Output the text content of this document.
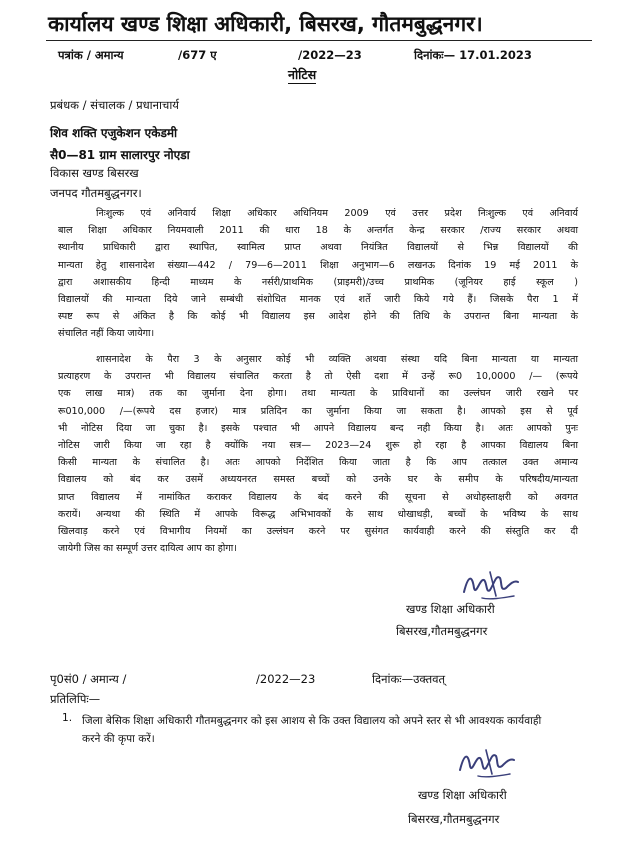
कार्यालय खण्ड शिक्षा अधिकारी, बिसरख, गौतमबुद्धनगर।
पत्रांक / अमान्य	/677 ए	/2022—23	दिनांकः— 17.01.2023
नोटिस
प्रबंधक / संचालक / प्रधानाचार्य
शिव शक्ति एजुकेशन एकेडमी
सै0—81 ग्राम सालारपुर नोएडा
विकास खण्ड बिसरख
जनपद गौतमबुद्धनगर।
निःशुल्क एवं अनिवार्य शिक्षा अधिकार अधिनियम 2009 एवं उत्तर प्रदेश निःशुल्क एवं अनिवार्य
बाल शिक्षा अधिकार नियमवाली 2011 की धारा 18 के अन्तर्गत केन्द्र सरकार /राज्य सरकार अथवा
स्थानीय प्राधिकारी द्वारा स्थापित, स्वामित्व प्राप्त अथवा नियंत्रित विद्यालयों से भिन्न विद्यालयों की
मान्यता हेतु शासनादेश संख्या—442 / 79—6—2011 शिक्षा अनुभाग—6 लखनऊ दिनांक 19 मई 2011 के
द्वारा अशासकीय हिन्दी माध्यम के नर्सरी/प्राथमिक (प्राइमरी)/उच्च प्राथमिक (जूनियर हाई स्कूल )
विद्यालयों की मान्यता दिये जाने सम्बंधी संशोधित मानक एवं शर्ते जारी किये गये हैं। जिसके पैरा 1 में
स्पष्ट रूप से अंकित है कि कोई भी विद्यालय इस आदेश होने की तिथि के उपरान्त बिना मान्यता के
संचालित नहीं किया जायेगा।
शासनादेश के पैरा 3 के अनुसार कोई भी व्यक्ति अथवा संस्था यदि बिना मान्यता या मान्यता
प्रत्याहरण के उपरान्त भी विद्यालय संचालित करता है तो ऐसी दशा में उन्हें रू0 10,0000 /— (रूपये
एक लाख मात्र) तक का जुर्माना देना होगा। तथा मान्यता के प्राविधानों का उल्लंघन जारी रखने पर
रू010,000 /—(रूपये दस हजार) मात्र प्रतिदिन का जुर्माना किया जा सकता है। आपको इस से पूर्व
भी नोटिस दिया जा चुका है। इसके पश्चात भी आपने विद्यालय बन्द नही किया है। अतः आपको पुनः
नोटिस जारी किया जा रहा है क्योंकि नया सत्र— 2023—24 शुरू हो रहा है आपका विद्यालय बिना
किसी मान्यता के संचालित है। अतः आपको निर्देशित किया जाता है कि आप तत्काल उक्त अमान्य
विद्यालय को बंद कर उसमें अध्ययनरत समस्त बच्चों को उनके घर के समीप के परिषदीय/मान्यता
प्राप्त विद्यालय में नामांकित कराकर विद्यालय के बंद करने की सूचना से अधोहस्ताक्षरी को अवगत
करायें। अन्यथा की स्थिति में आपके विरूद्ध अभिभावकों के साथ धोखाधड़ी, बच्चों के भविष्य के साथ
खिलवाड़ करने एवं विभागीय नियमों का उल्लंघन करने पर सुसंगत कार्यवाही करने की संस्तुति कर दी
जायेगी जिस का सम्पूर्ण उत्तर दायित्व आप का होगा।
खण्ड शिक्षा अधिकारी
बिसरख,गौतमबुद्धनगर
पृ0सं0 / अमान्य /	/2022—23	दिनांकः—उक्तवत्
प्रतिलिपिः—
1. जिला बेसिक शिक्षा अधिकारी गौतमबुद्धनगर को इस आशय से कि उक्त विद्यालय को अपने स्तर से भी आवश्यक कार्यवाही करने की कृपा करें।
खण्ड शिक्षा अधिकारी
बिसरख,गौतमबुद्धनगर
